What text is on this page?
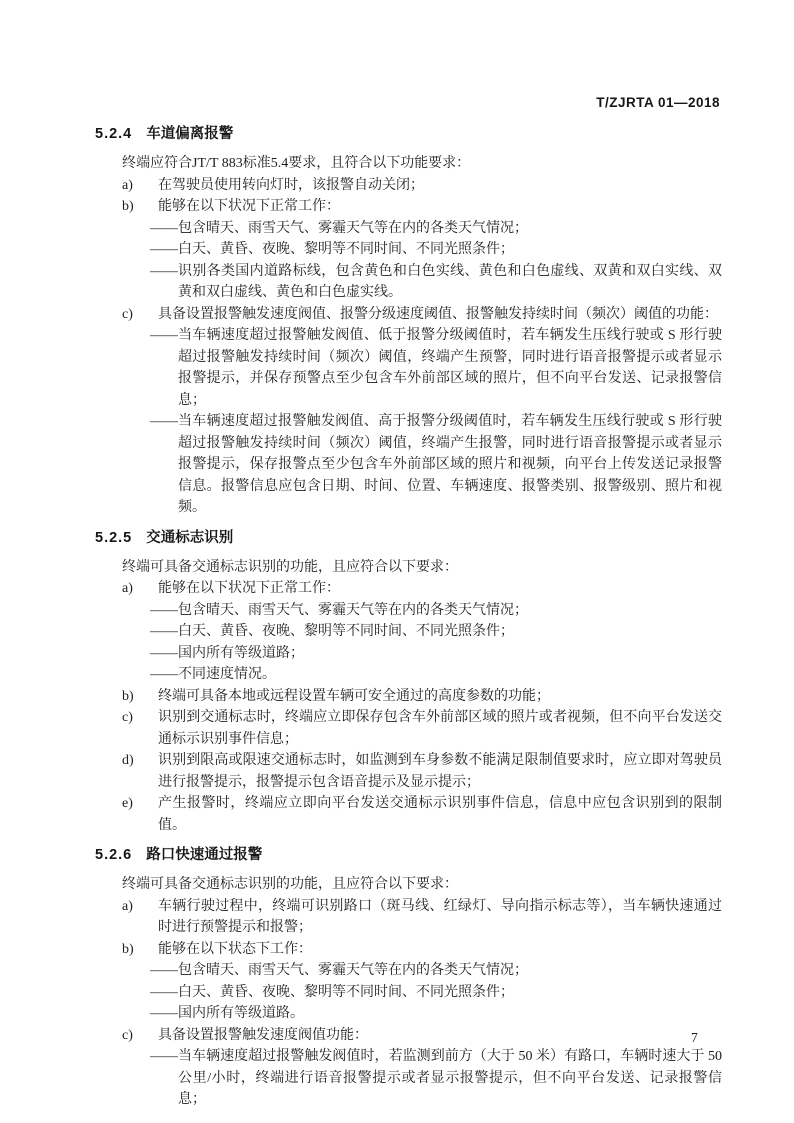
T/ZJRTA 01—2018
5.2.4 车道偏离报警

终端应符合JT/T 883标准5.4要求，且符合以下功能要求：

a)	在驾驶员使用转向灯时，该报警自动关闭；
b)	能够在以下状况下正常工作：
—— 包含晴天、雨雪天气、雾霾天气等在内的各类天气情况；
—— 白天、黄昏、夜晚、黎明等不同时间、不同光照条件；
—— 识别各类国内道路标线，包含黄色和白色实线、黄色和白色虚线、双黄和双白实线、双黄和双白虚线、黄色和白色虚实线。
c)	具备设置报警触发速度阀值、报警分级速度阈值、报警触发持续时间（频次）阈值的功能：
—— 当车辆速度超过报警触发阀值、低于报警分级阈值时，若车辆发生压线行驶或 S 形行驶超过报警触发持续时间（频次）阈值，终端产生预警，同时进行语音报警提示或者显示报警提示，并保存预警点至少包含车外前部区域的照片，但不向平台发送、记录报警信息；
—— 当车辆速度超过报警触发阀值、高于报警分级阈值时，若车辆发生压线行驶或 S 形行驶超过报警触发持续时间（频次）阈值，终端产生报警，同时进行语音报警提示或者显示报警提示，保存报警点至少包含车外前部区域的照片和视频，向平台上传发送记录报警信息。报警信息应包含日期、时间、位置、车辆速度、报警类别、报警级别、照片和视频。
5.2.5 交通标志识别

终端可具备交通标志识别的功能，且应符合以下要求：

a)	能够在以下状况下正常工作：
—— 包含晴天、雨雪天气、雾霾天气等在内的各类天气情况；
—— 白天、黄昏、夜晚、黎明等不同时间、不同光照条件；
—— 国内所有等级道路；
—— 不同速度情况。
b)	终端可具备本地或远程设置车辆可安全通过的高度参数的功能；
c)	识别到交通标志时，终端应立即保存包含车外前部区域的照片或者视频，但不向平台发送交通标示识别事件信息；
d)	识别到限高或限速交通标志时，如监测到车身参数不能满足限制值要求时，应立即对驾驶员进行报警提示，报警提示包含语音提示及显示提示；
e)	产生报警时，终端应立即向平台发送交通标示识别事件信息，信息中应包含识别到的限制值。
5.2.6 路口快速通过报警

终端可具备交通标志识别的功能，且应符合以下要求：

a)	车辆行驶过程中，终端可识别路口（斑马线、红绿灯、导向指示标志等），当车辆快速通过时进行预警提示和报警；
b)	能够在以下状态下工作：
—— 包含晴天、雨雪天气、雾霾天气等在内的各类天气情况；
—— 白天、黄昏、夜晚、黎明等不同时间、不同光照条件；
—— 国内所有等级道路。
c)	具备设置报警触发速度阀值功能：
—— 当车辆速度超过报警触发阀值时，若监测到前方（大于 50 米）有路口，车辆时速大于 50 公里/小时，终端进行语音报警提示或者显示报警提示，但不向平台发送、记录报警信息；
7
